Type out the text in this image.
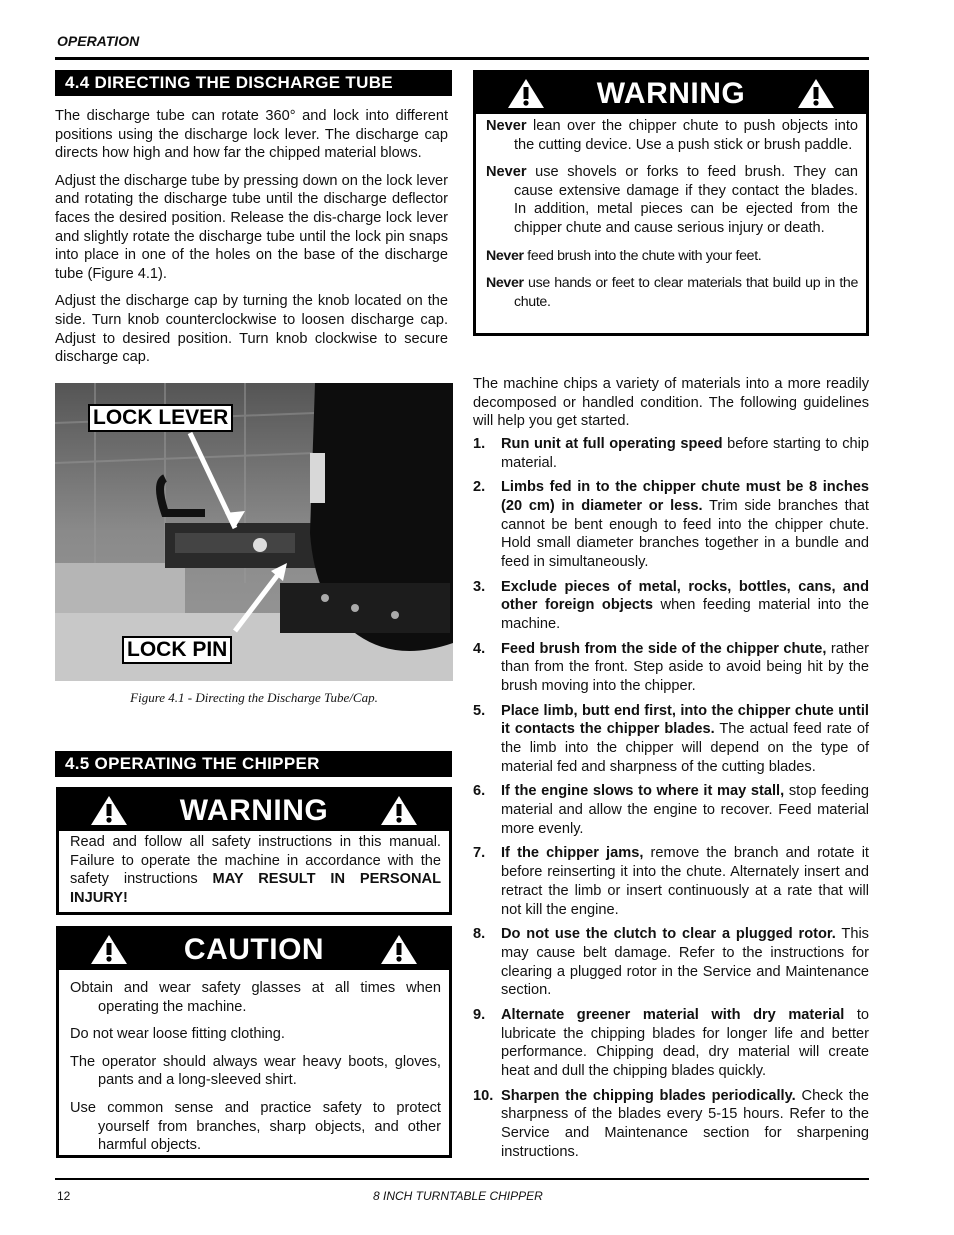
OPERATION
4.4 DIRECTING THE DISCHARGE TUBE

The discharge tube can rotate 360° and lock into different positions using the discharge lock lever. The discharge cap directs how high and how far the chipped material blows.

Adjust the discharge tube by pressing down on the lock lever and rotating the discharge tube until the discharge deflector faces the desired position. Release the dis-charge lock lever and slightly rotate the discharge tube until the lock pin snaps into place in one of the holes on the base of the discharge tube (Figure 4.1).

Adjust the discharge cap by turning the knob located on the side. Turn knob counterclockwise to loosen discharge cap. Adjust to desired position. Turn knob clockwise to secure discharge cap.

LOCK LEVER
LOCK PIN
Figure 4.1 - Directing the Discharge Tube/Cap.
WARNING

Never lean over the chipper chute to push objects into the cutting device. Use a push stick or brush paddle.

Never use shovels or forks to feed brush. They can cause extensive damage if they contact the blades. In addition, metal pieces can be ejected from the chipper chute and cause serious injury or death.

Never feed brush into the chute with your feet.

Never use hands or feet to clear materials that build up in the chute.

4.5 OPERATING THE CHIPPER
WARNING

Read and follow all safety instructions in this manual. Failure to operate the machine in accordance with the safety instructions MAY RESULT IN PERSONAL INJURY!

CAUTION

Obtain and wear safety glasses at all times when operating the machine.

Do not wear loose fitting clothing.

The operator should always wear heavy boots, gloves, pants and a long-sleeved shirt.

Use common sense and practice safety to protect yourself from branches, sharp objects, and other harmful objects.

The machine chips a variety of materials into a more readily decomposed or handled condition. The following guidelines will help you get started.

1. Run unit at full operating speed before starting to chip material.
2. Limbs fed in to the chipper chute must be 8 inches (20 cm) in diameter or less. Trim side branches that cannot be bent enough to feed into the chipper chute. Hold small diameter branches together in a bundle and feed in simultaneously.
3. Exclude pieces of metal, rocks, bottles, cans, and other foreign objects when feeding material into the machine.
4. Feed brush from the side of the chipper chute, rather than from the front. Step aside to avoid being hit by the brush moving into the chipper.
5. Place limb, butt end first, into the chipper chute until it contacts the chipper blades. The actual feed rate of the limb into the chipper will depend on the type of material fed and sharpness of the cutting blades.
6. If the engine slows to where it may stall, stop feeding material and allow the engine to recover. Feed material more evenly.
7. If the chipper jams, remove the branch and rotate it before reinserting it into the chute. Alternately insert and retract the limb or insert continuously at a rate that will not kill the engine.
8. Do not use the clutch to clear a plugged rotor. This may cause belt damage. Refer to the instructions for clearing a plugged rotor in the Service and Maintenance section.
9. Alternate greener material with dry material to lubricate the chipping blades for longer life and better performance. Chipping dead, dry material will create heat and dull the chipping blades quickly.
10. Sharpen the chipping blades periodically. Check the sharpness of the blades every 5-15 hours. Refer to the Service and Maintenance section for sharpening instructions.
12	8 INCH TURNTABLE CHIPPER
